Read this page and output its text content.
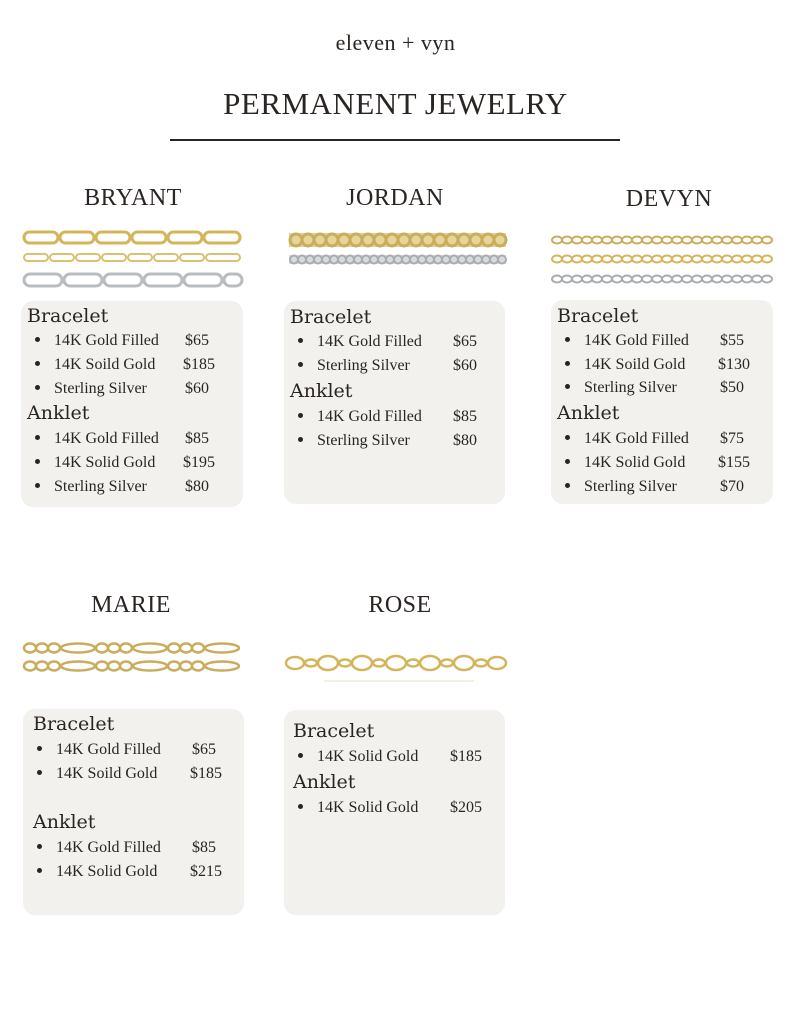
eleven + vyn
PERMANENT JEWELRY
BRYANT
Bracelet
14K Gold Filled $65
14K Soild Gold $185
Sterling Silver $60
Anklet
14K Gold Filled $85
14K Solid Gold $195
Sterling Silver $80
JORDAN
Bracelet
14K Gold Filled $65
Sterling Silver	$60
Anklet
14K Gold Filled $85
Sterling Silver	$80
DEVYN
Bracelet
14K Gold Filled $55
14K Soild Gold $130
Sterling Silver	$50
Anklet
14K Gold Filled $75
14K Solid Gold $155
Sterling Silver	$70
MARIE
Bracelet
14K Gold Filled $65
14K Soild Gold $185
Anklet
14K Gold Filled $85
14K Solid Gold $215
ROSE
Bracelet
14K Solid Gold $185
Anklet
14K Solid Gold $205
